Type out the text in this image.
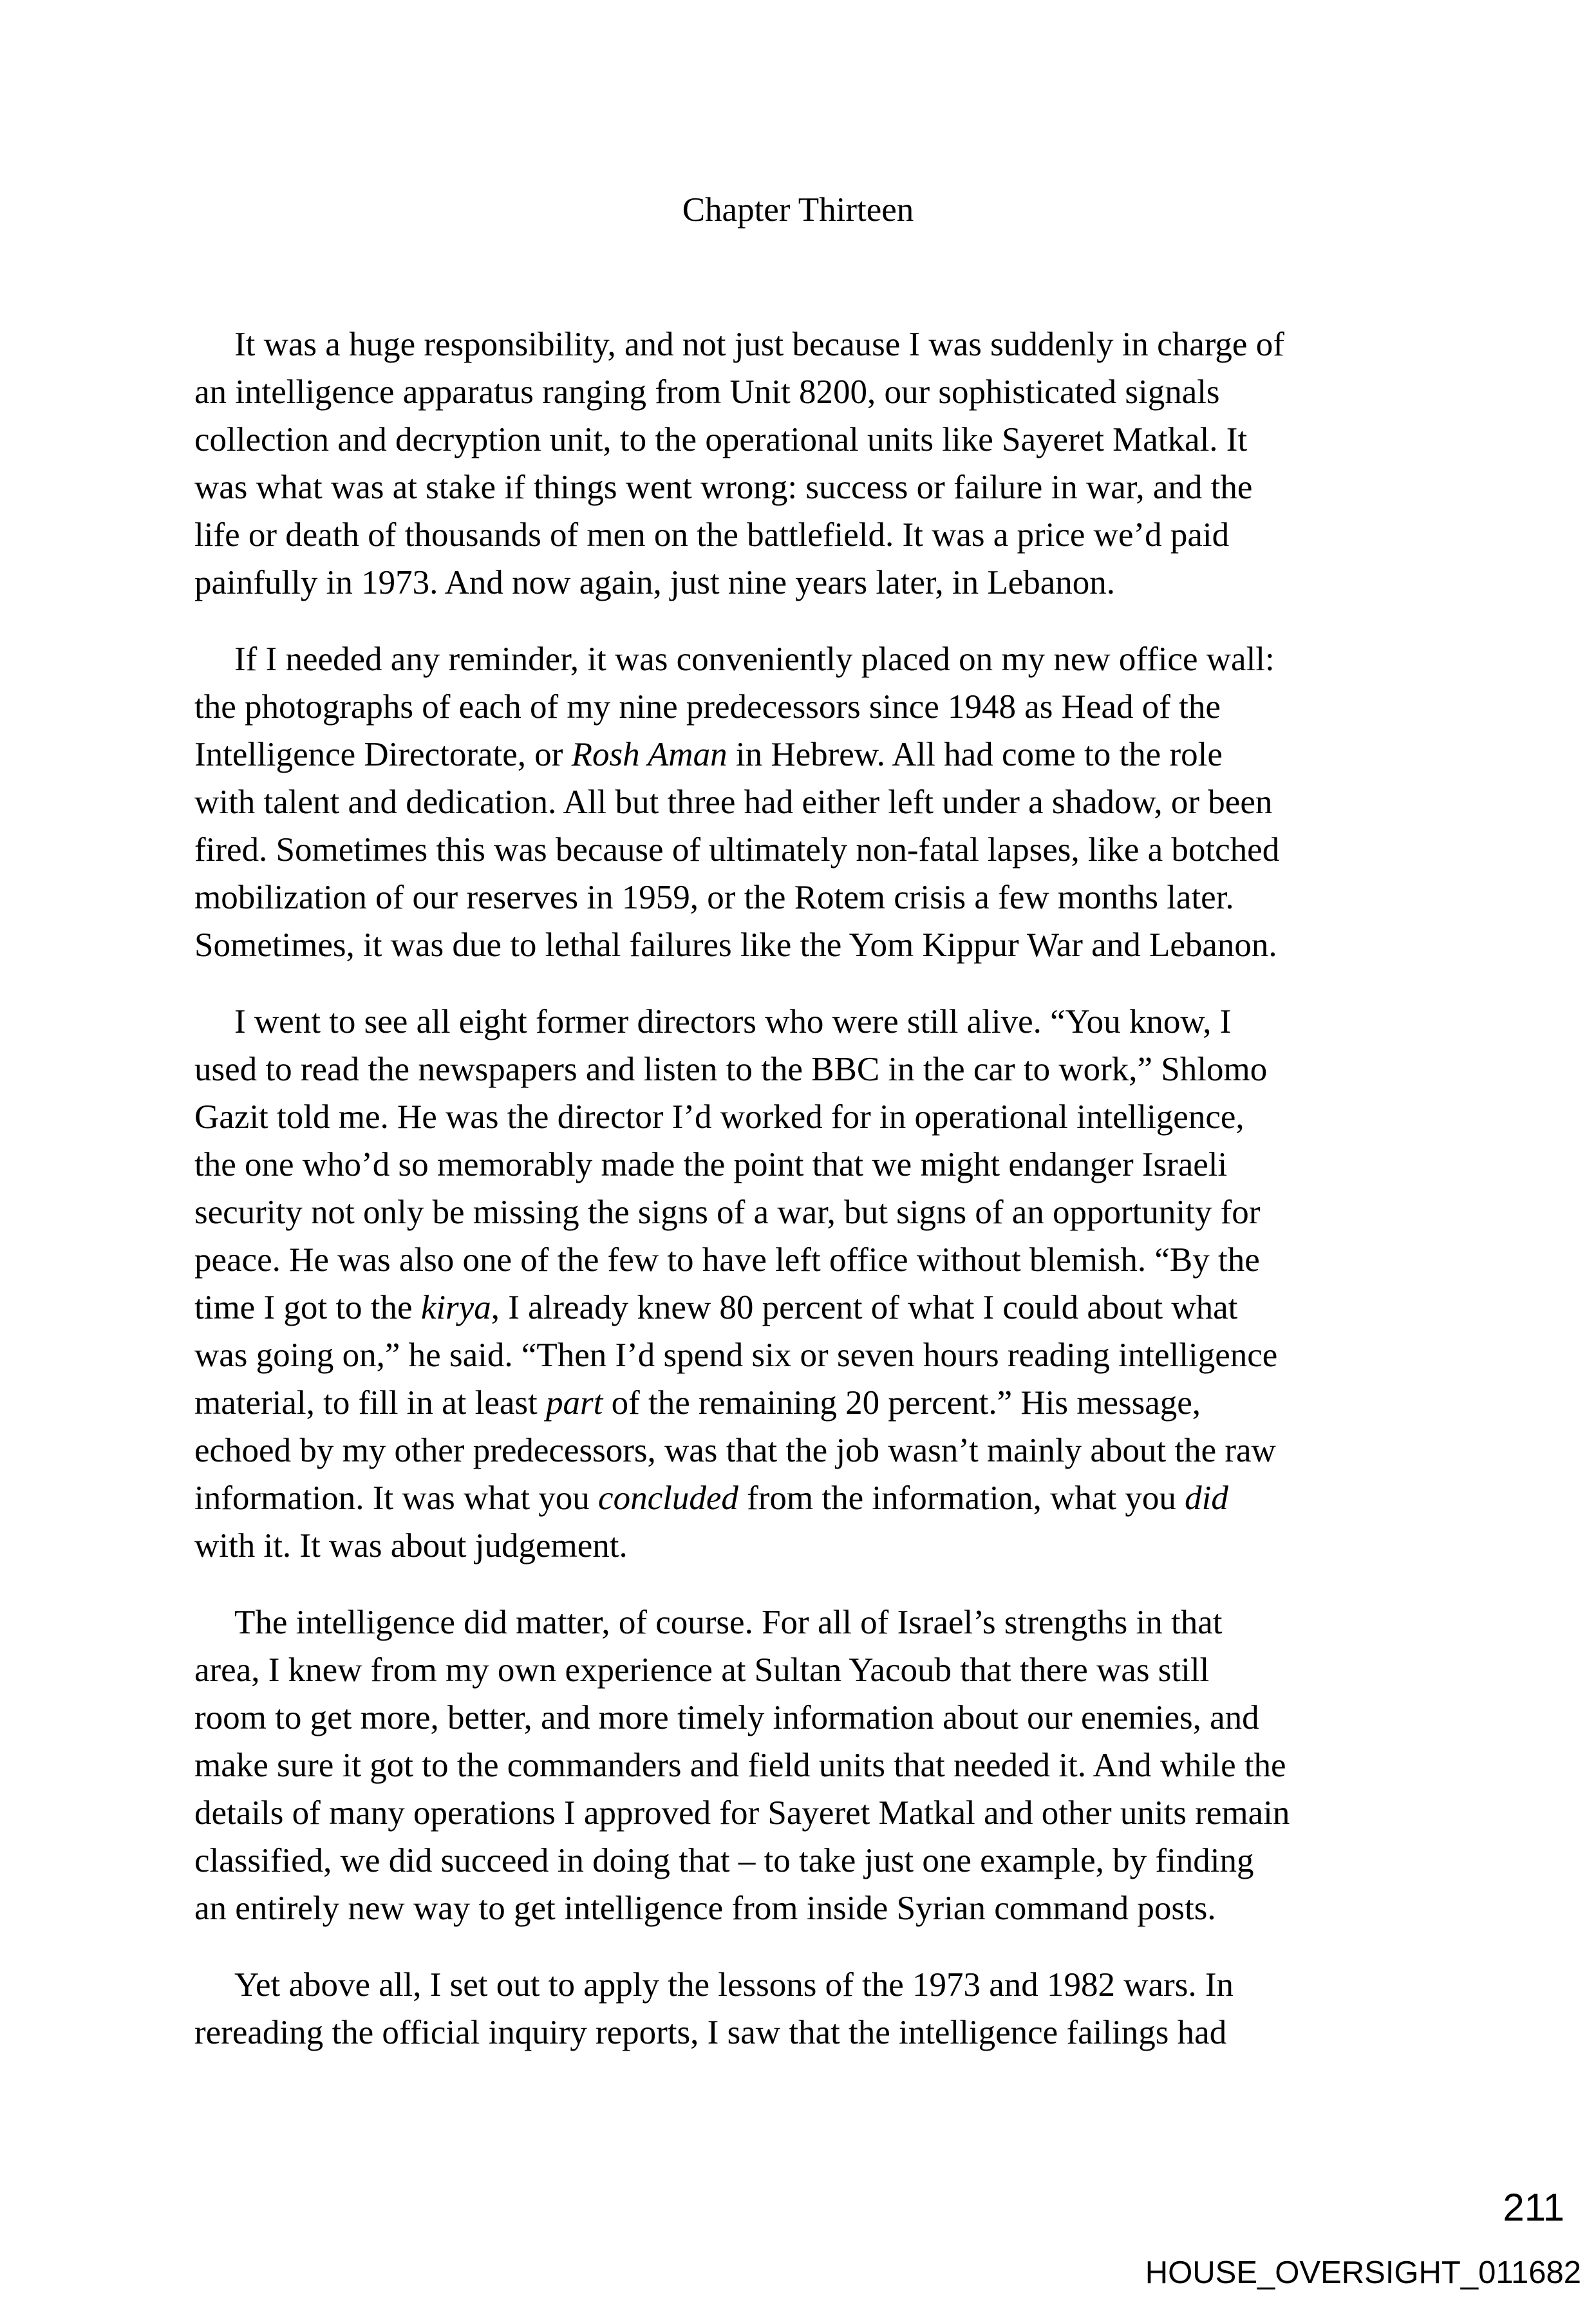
Chapter Thirteen
It was a huge responsibility, and not just because I was suddenly in charge of
an intelligence apparatus ranging from Unit 8200, our sophisticated signals
collection and decryption unit, to the operational units like Sayeret Matkal. It
was what was at stake if things went wrong: success or failure in war, and the
life or death of thousands of men on the battlefield. It was a price we’d paid
painfully in 1973. And now again, just nine years later, in Lebanon.
If I needed any reminder, it was conveniently placed on my new office wall:
the photographs of each of my nine predecessors since 1948 as Head of the
Intelligence Directorate, or Rosh Aman in Hebrew. All had come to the role
with talent and dedication. All but three had either left under a shadow, or been
fired. Sometimes this was because of ultimately non-fatal lapses, like a botched
mobilization of our reserves in 1959, or the Rotem crisis a few months later.
Sometimes, it was due to lethal failures like the Yom Kippur War and Lebanon.
I went to see all eight former directors who were still alive. “You know, I
used to read the newspapers and listen to the BBC in the car to work,” Shlomo
Gazit told me. He was the director I’d worked for in operational intelligence,
the one who’d so memorably made the point that we might endanger Israeli
security not only be missing the signs of a war, but signs of an opportunity for
peace. He was also one of the few to have left office without blemish. “By the
time I got to the kirya, I already knew 80 percent of what I could about what
was going on,” he said. “Then I’d spend six or seven hours reading intelligence
material, to fill in at least part of the remaining 20 percent.” His message,
echoed by my other predecessors, was that the job wasn’t mainly about the raw
information. It was what you concluded from the information, what you did
with it. It was about judgement.
The intelligence did matter, of course. For all of Israel’s strengths in that
area, I knew from my own experience at Sultan Yacoub that there was still
room to get more, better, and more timely information about our enemies, and
make sure it got to the commanders and field units that needed it. And while the
details of many operations I approved for Sayeret Matkal and other units remain
classified, we did succeed in doing that – to take just one example, by finding
an entirely new way to get intelligence from inside Syrian command posts.
Yet above all, I set out to apply the lessons of the 1973 and 1982 wars. In
rereading the official inquiry reports, I saw that the intelligence failings had
211
HOUSE_OVERSIGHT_011682
